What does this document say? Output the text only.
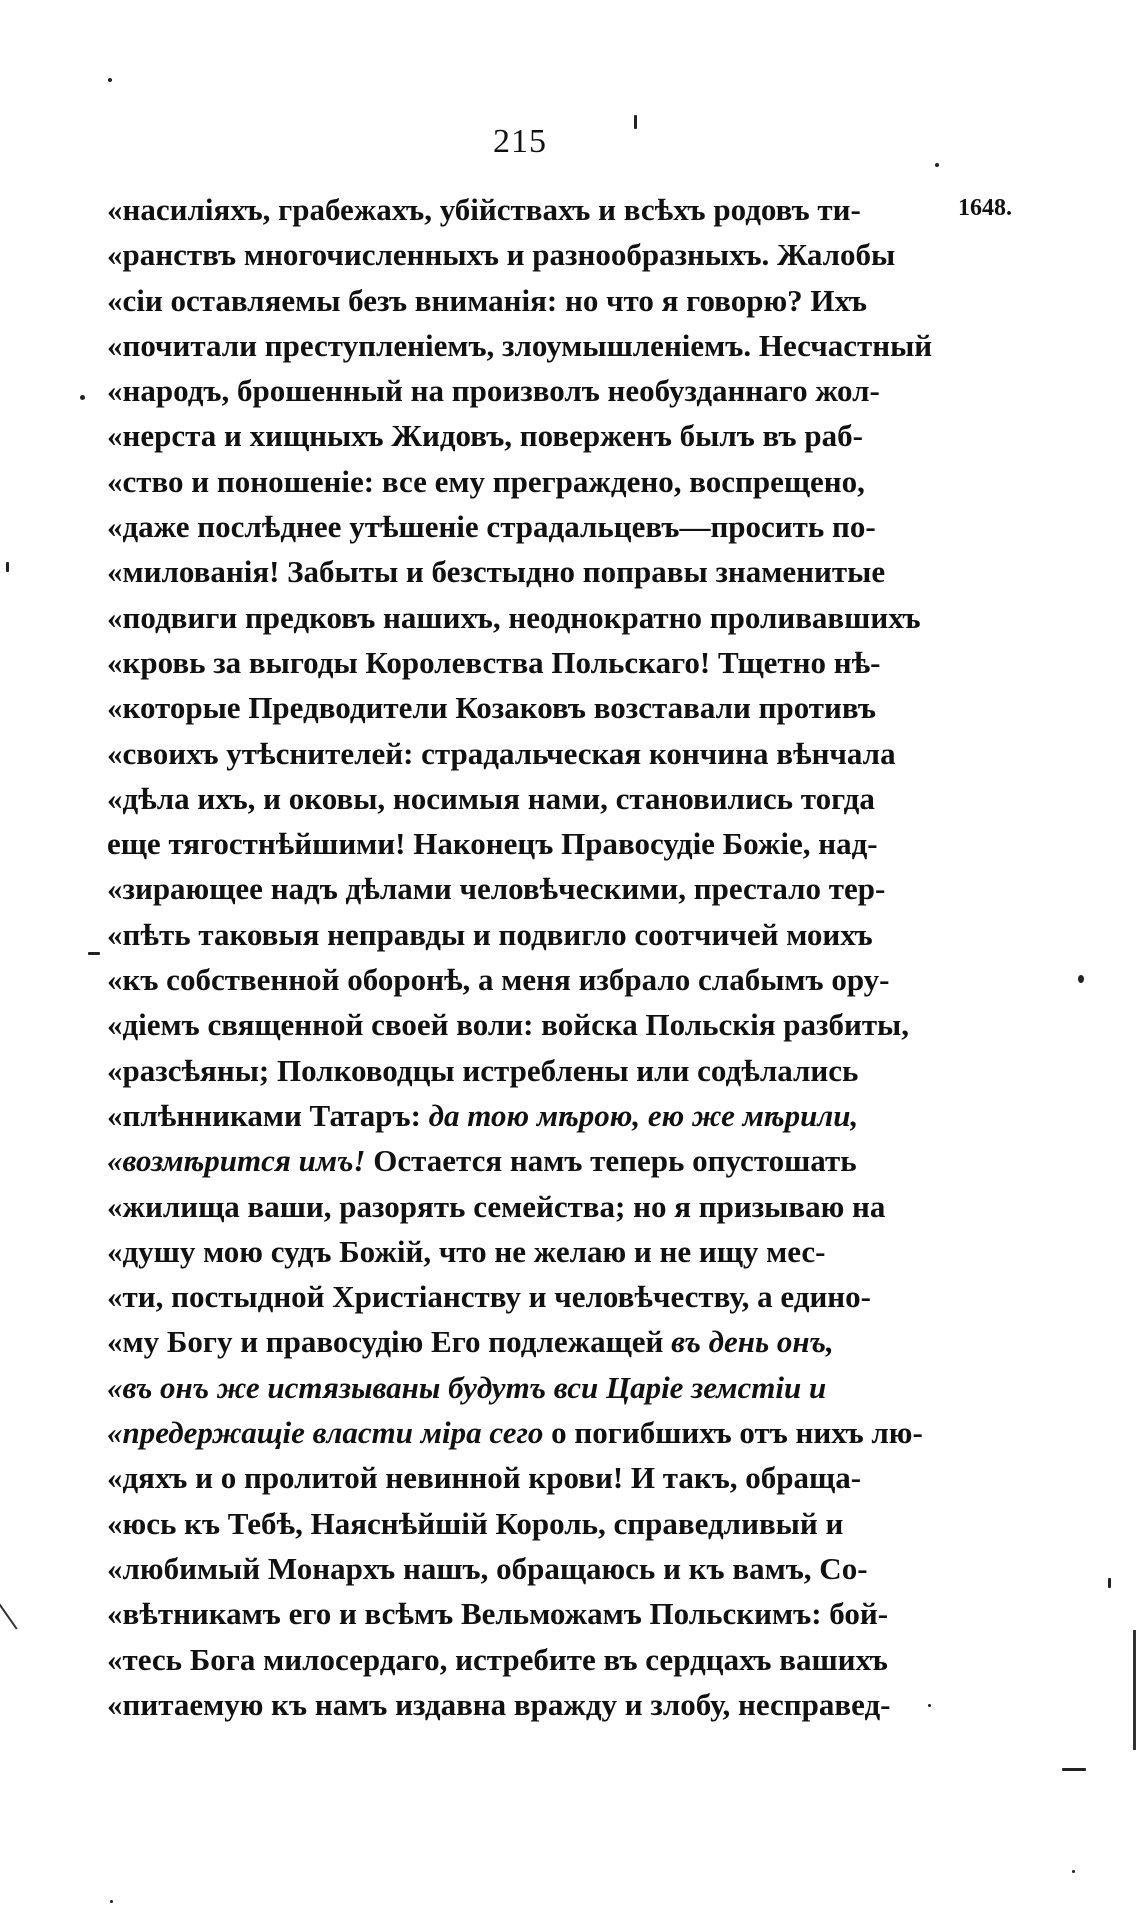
215
1648.
«насиліяхъ, грабежахъ, убійствахъ и всѣхъ родовъ ти-
«ранствъ многочисленныхъ и разнообразныхъ. Жалобы
«сіи оставляемы безъ вниманія: но что я говорю? Ихъ
«почитали преступленіемъ, злоумышленіемъ. Несчастный
«народъ, брошенный на произволъ необузданнаго жол-
«нерста и хищныхъ Жидовъ, поверженъ былъ въ раб-
«ство и поношеніе: все ему преграждено, воспрещено,
«даже послѣднее утѣшеніе страдальцевъ—просить по-
«милованія! Забыты и безстыдно поправы знаменитые
«подвиги предковъ нашихъ, неоднократно проливавшихъ
«кровь за выгоды Королевства Польскаго! Тщетно нѣ-
«которые Предводители Козаковъ возставали противъ
«своихъ утѣснителей: страдальческая кончина вѣнчала
«дѣла ихъ, и оковы, носимыя нами, становились тогда
еще тягостнѣйшими! Наконецъ Правосудіе Божіе, над-
«зирающее надъ дѣлами человѣческими, престало тер-
«пѣть таковыя неправды и подвигло соотчичей моихъ
«къ собственной оборонѣ, а меня избрало слабымъ ору-
«діемъ священной своей воли: войска Польскія разбиты,
«разсѣяны; Полководцы истреблены или содѣлались
«плѣнниками Татаръ: да тою мѣрою, ею же мѣрили,
«возмѣрится имъ! Остается намъ теперь опустошать
«жилища ваши, разорять семейства; но я призываю на
«душу мою судъ Божій, что не желаю и не ищу мес-
«ти, постыдной Христіанству и человѣчеству, а едино-
«му Богу и правосудію Его подлежащей въ день онъ,
«въ онъ же истязываны будутъ вси Царіе земстіи и
«предержащіе власти міра сего о погибшихъ отъ нихъ лю-
«дяхъ и о пролитой невинной крови! И такъ, обраща-
«юсь къ Тебѣ, Наяснѣйшій Король, справедливый и
«любимый Монархъ нашъ, обращаюсь и къ вамъ, Со-
«вѣтникамъ его и всѣмъ Вельможамъ Польскимъ: бой-
«тесь Бога милосердаго, истребите въ сердцахъ вашихъ
«питаемую къ намъ издавна вражду и злобу, несправед-
